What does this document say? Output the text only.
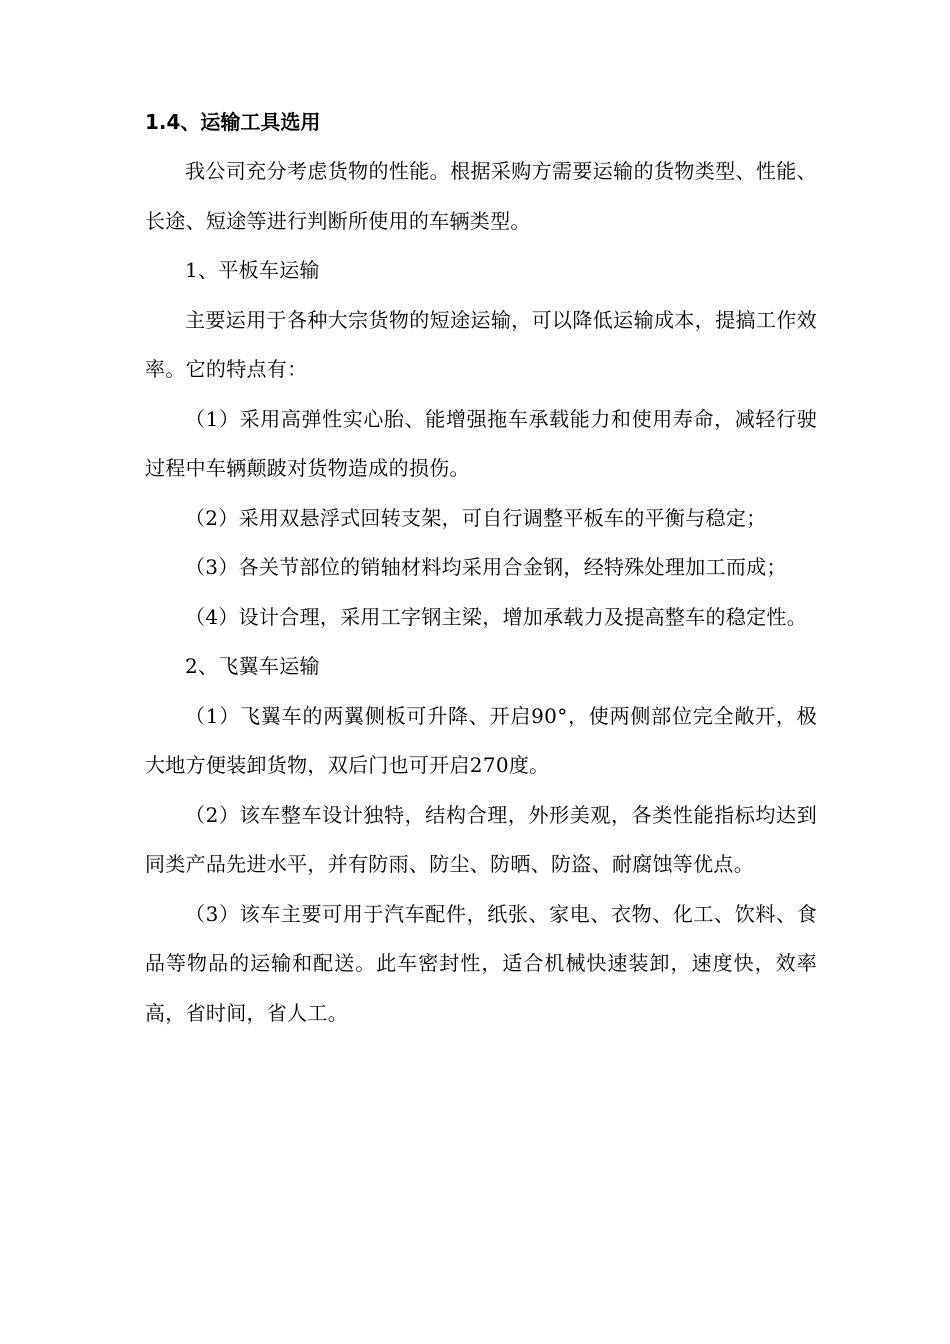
1.4、运输工具选用

我公司充分考虑货物的性能。根据采购方需要运输的货物类型、性能、长途、短途等进行判断所使用的车辆类型。

1、平板车运输

主要运用于各种大宗货物的短途运输，可以降低运输成本，提搞工作效率。它的特点有：

（1）采用高弹性实心胎、能增强拖车承载能力和使用寿命，减轻行驶过程中车辆颠跛对货物造成的损伤。

（2）采用双悬浮式回转支架，可自行调整平板车的平衡与稳定；

（3）各关节部位的销轴材料均采用合金钢，经特殊处理加工而成；

（4）设计合理，采用工字钢主梁，增加承载力及提高整车的稳定性。

2、飞翼车运输

（1）飞翼车的两翼侧板可升降、开启90°，使两侧部位完全敞开，极大地方便装卸货物，双后门也可开启270度。

（2）该车整车设计独特，结构合理，外形美观，各类性能指标均达到同类产品先进水平，并有防雨、防尘、防晒、防盗、耐腐蚀等优点。

（3）该车主要可用于汽车配件，纸张、家电、衣物、化工、饮料、食品等物品的运输和配送。此车密封性，适合机械快速装卸，速度快，效率高，省时间，省人工。
